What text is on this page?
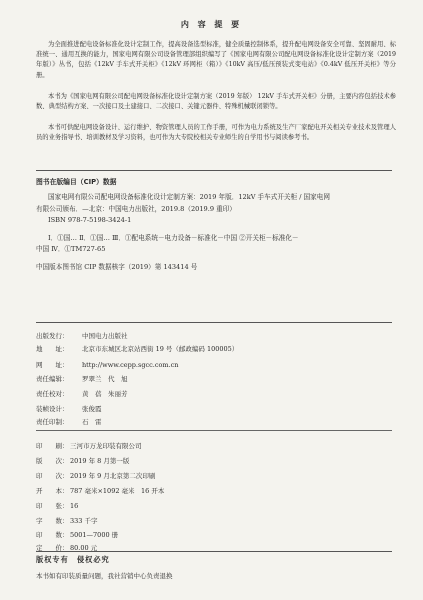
内 容 提 要

为全面推进配电设备标准化设计定制工作，提高设备选型标准，健全质量控制体系，提升配电网设备安全可靠、坚固耐用、标准统一、通用互换的能力，国家电网有限公司设备管理部组织编写了《国家电网有限公司配电网设备标准化设计定制方案（2019年版）》丛书，包括《12kV 手车式开关柜》《12kV 环网柜（箱）》《10kV 高压/低压预装式变电站》《0.4kV 低压开关柜》等分册。

本书为《国家电网有限公司配电网设备标准化设计定制方案（2019 年版） 12kV 手车式开关柜》分册，主要内容包括技术参数、典型结构方案、一次接口及土建接口、二次接口、关键元器件、特殊机械联闭锁等。

本书可供配电网设备设计、运行维护、物资管理人员的工作手册，可作为电力系统及生产厂家配电开关相关专业技术及管理人员的业务指导书、培训教材及学习资料，也可作为大专院校相关专业师生的自学用书与阅读参考书。

图书在版编目（CIP）数据
国家电网有限公司配电网设备标准化设计定制方案：2019 年版．12kV 手车式开关柜 / 国家电网
有限公司颁布．—北京：中国电力出版社，2019.8（2019.9 重印）
ISBN 978-7-5198-3424-1
Ⅰ．①国… Ⅱ．①国… Ⅲ．①配电系统－电力设备－标准化－中国 ②开关柜－标准化－
中国 Ⅳ．①TM727-65
中国版本图书馆 CIP 数据核字（2019）第 143414 号
出版发行： 中国电力出版社
地　　址： 北京市东城区北京站西街 19 号（邮政编码 100005）
网　　址： http://www.cepp.sgcc.com.cn
责任编辑： 罗翠兰　代　旭
责任校对： 黄　蓓　朱丽芳
装帧设计： 张俊霞
责任印制： 石　雷
印　　刷： 三河市万龙印装有限公司
版　　次： 2019 年 8 月第一版
印　　次： 2019 年 9 月北京第二次印刷
开　　本： 787 毫米×1092 毫米　16 开本
印　　张： 16
字　　数： 333 千字
印　　数： 5001—7000 册
定　　价： 80.00 元
版权专有　侵权必究
本书如有印装质量问题，我社营销中心负责退换
